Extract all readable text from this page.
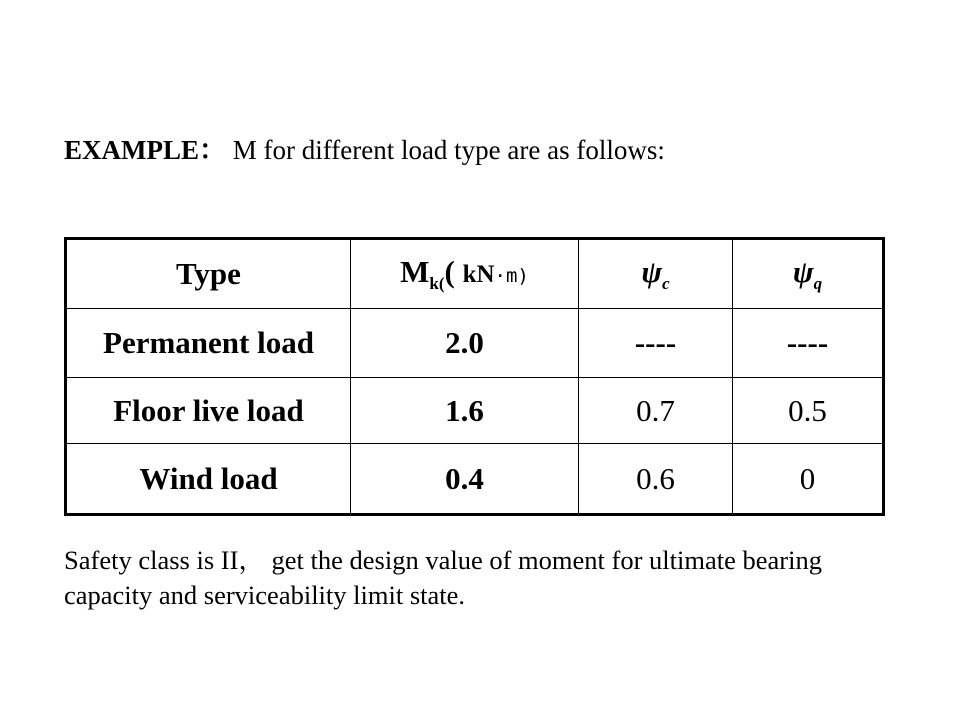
EXAMPLE： M for different load type are as follows:
Type	$M_{k(}$( kN·m)	$\psi_c$	$\psi_q$
Permanent load	2.0	----	----
Floor live load	1.6	0.7	0.5
Wind load	0.4	0.6	0
Safety class is II， get the design value of moment for ultimate bearing capacity and serviceability limit state.
